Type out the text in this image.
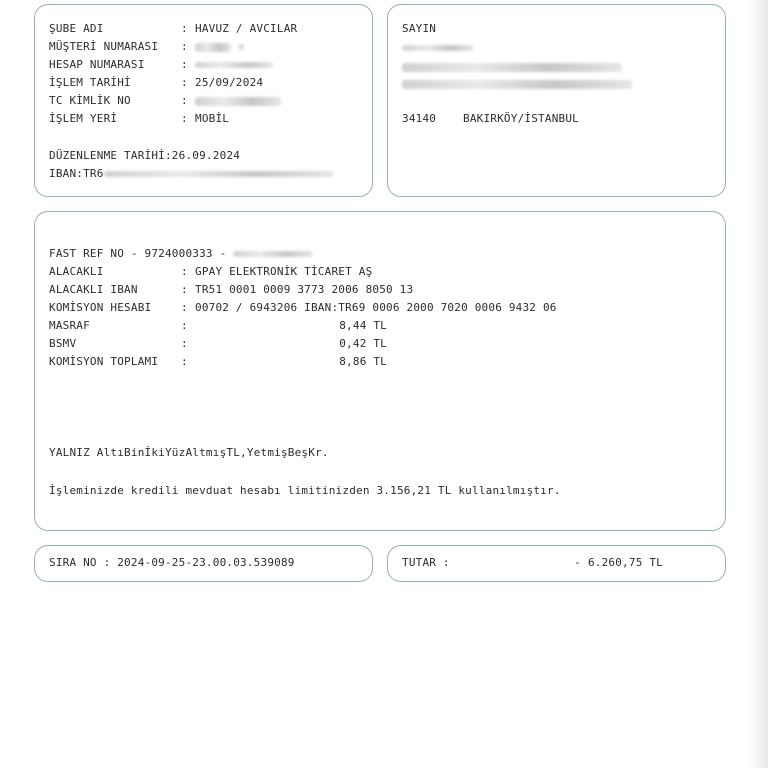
ŞUBE ADI	: HAVUZ / AVCILAR
MÜŞTERİ NUMARASI :

HESAP NUMARASI	:
İŞLEM TARİHİ	: 25/09/2024
TC KİMLİK NO	:
İŞLEM YERİ	: MOBİL
DÜZENLENME TARİHİ:26.09.2024
IBAN:TR6
SAYIN
34140 BAKIRKÖY/İSTANBUL
FAST REF NO - 9724000333 -
ALACAKLI	: GPAY ELEKTRONİK TİCARET AŞ
ALACAKLI IBAN	: TR51 0001 0009 3773 2006 8050 13
KOMİSYON HESABI	: 00702 / 6943206 IBAN:TR69 0006 2000 7020 0006 9432 06
MASRAF	:	8,44 TL
BSMV	:	0,42 TL
KOMİSYON TOPLAMI :	8,86 TL
YALNIZ AltıBinİkiYüzAltmışTL,YetmişBeşKr.
İşleminizde kredili mevduat hesabı limitinizden 3.156,21 TL kullanılmıştır.
SIRA NO : 2024-09-25-23.00.03.539089	TUTAR :	- 6.260,75 TL
